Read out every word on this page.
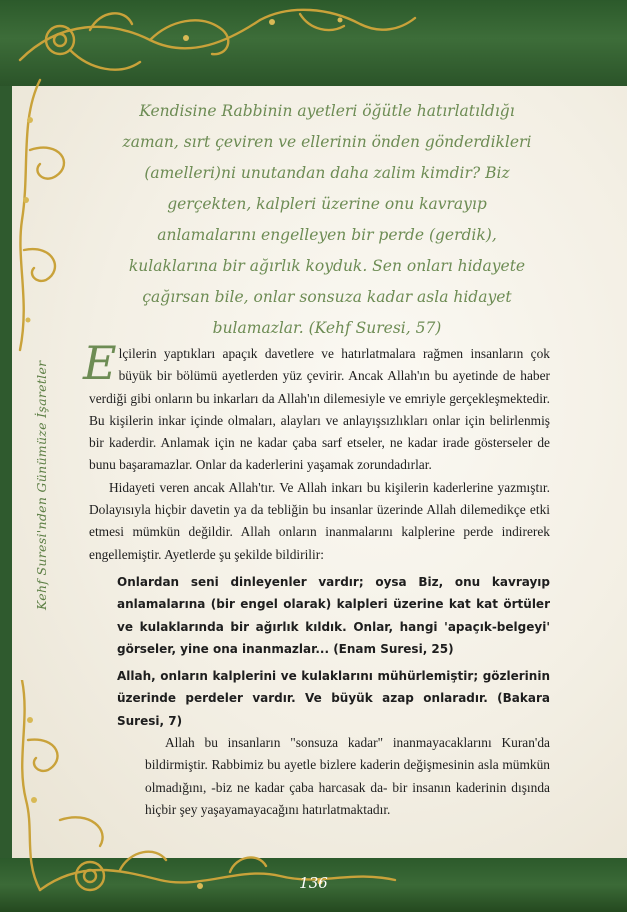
Kendisine Rabbinin ayetleri öğütle hatırlatıldığı zaman, sırt çeviren ve ellerinin önden gönderdikleri (amelleri)ni unutandan daha zalim kimdir? Biz gerçekten, kalpleri üzerine onu kavrayıp anlamalarını engelleyen bir perde (gerdik), kulaklarına bir ağırlık koyduk. Sen onları hidayete çağırsan bile, onlar sonsuza kadar asla hidayet bulamazlar. (Kehf Suresi, 57)

Kehf Suresi'nden Günümüze İşaretler Elçilerin yaptıkları apaçık davetlere ve hatırlatmalara rağmen insanların çok büyük bir bölümü ayetlerden yüz çevirir. Ancak Allah'ın bu ayetinde de haber verdiği gibi onların bu inkarları da Allah'ın dilemesiyle ve emriyle gerçekleşmektedir. Bu kişilerin inkar içinde olmaları, alayları ve anlayışsızlıkları onlar için belirlenmiş bir kaderdir. Anlamak için ne kadar çaba sarf etseler, ne kadar irade gösterseler de bunu başaramazlar. Onlar da kaderlerini yaşamak zorundadırlar.

Hidayeti veren ancak Allah'tır. Ve Allah inkarı bu kişilerin kaderlerine yazmıştır. Dolayısıyla hiçbir davetin ya da tebliğin bu insanlar üzerinde Allah dilemedikçe etki etmesi mümkün değildir. Allah onların inanmalarını kalplerine perde indirerek engellemiştir. Ayetlerde şu şekilde bildirilir:

Onlardan seni dinleyenler vardır; oysa Biz, onu kavrayıp anlamalarına (bir engel olarak) kalpleri üzerine kat kat örtüler ve kulaklarında bir ağırlık kıldık. Onlar, hangi 'apaçık-belgeyi' görseler, yine ona inanmazlar... (Enam Suresi, 25)

Allah, onların kalplerini ve kulaklarını mühürlemiştir; gözlerinin üzerinde perdeler vardır. Ve büyük azap onlaradır. (Bakara Suresi, 7)

Allah bu insanların "sonsuza kadar" inanmayacaklarını Kuran'da bildirmiştir. Rabbimiz bu ayetle bizlere kaderin değişmesinin asla mümkün olmadığını, -biz ne kadar çaba harcasak da- bir insanın kaderinin dışında hiçbir şey yaşayamayacağını hatırlatmaktadır.

136
